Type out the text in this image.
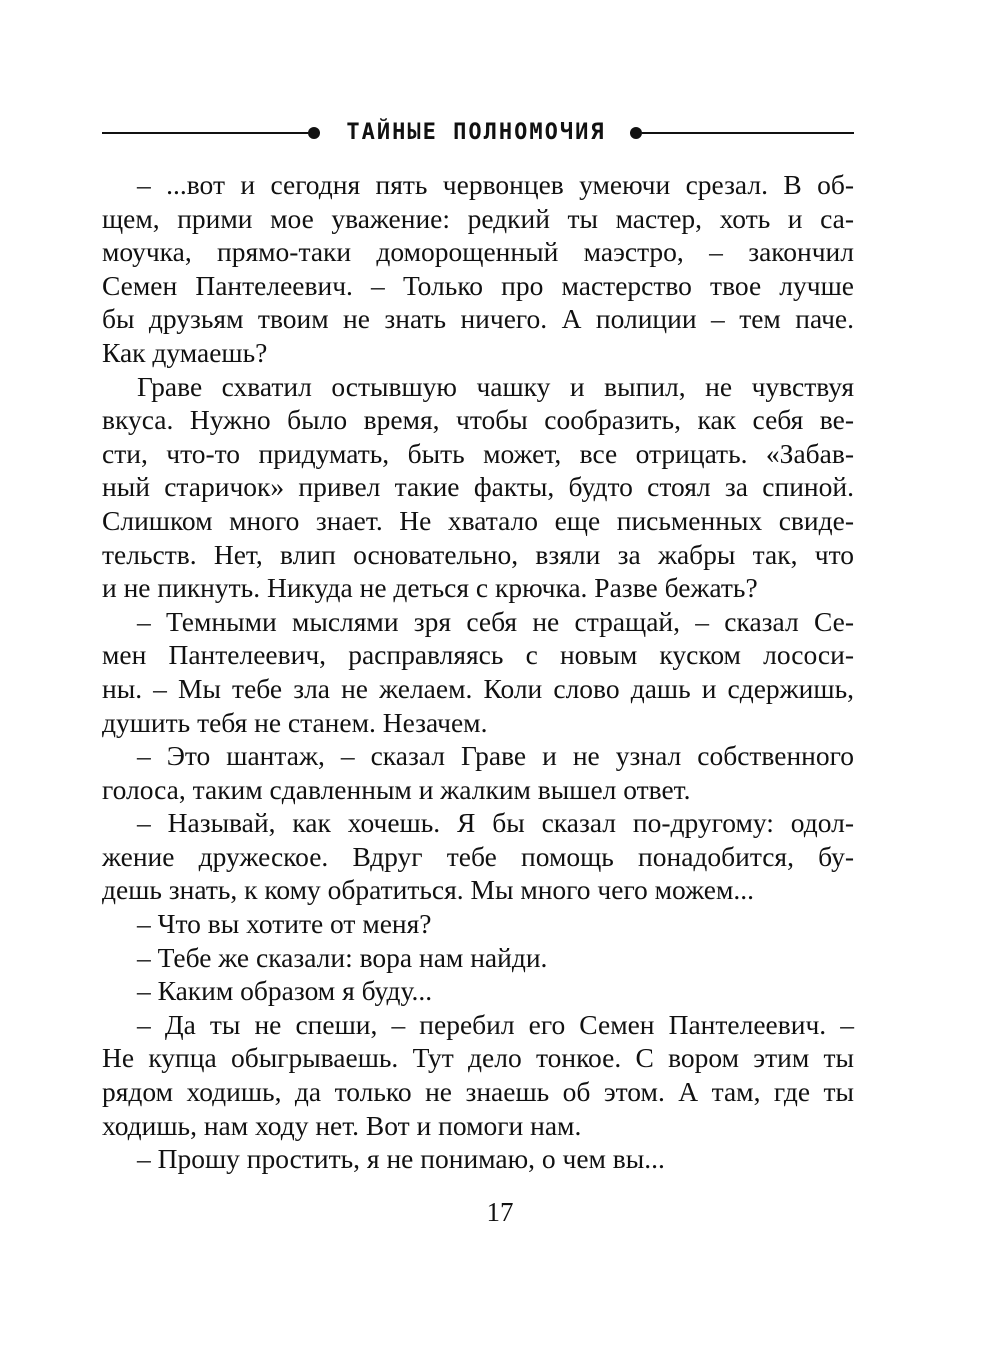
ТАЙНЫЕ ПОЛНОМОЧИЯ
– ...вот и сегодня пять червонцев умеючи срезал. В об-
щем, прими мое уважение: редкий ты мастер, хоть и са-
моучка, прямо-таки доморощенный маэстро, – закончил
Семен Пантелеевич. – Только про мастерство твое лучше
бы друзьям твоим не знать ничего. А полиции – тем паче.
Как думаешь?
Граве схватил остывшую чашку и выпил, не чувствуя
вкуса. Нужно было время, чтобы сообразить, как себя ве-
сти, что-то придумать, быть может, все отрицать. «Забав-
ный старичок» привел такие факты, будто стоял за спиной.
Слишком много знает. Не хватало еще письменных свиде-
тельств. Нет, влип основательно, взяли за жабры так, что
и не пикнуть. Никуда не деться с крючка. Разве бежать?
– Темными мыслями зря себя не стращай, – сказал Се-
мен Пантелеевич, расправляясь с новым куском лососи-
ны. – Мы тебе зла не желаем. Коли слово дашь и сдержишь,
душить тебя не станем. Незачем.
– Это шантаж, – сказал Граве и не узнал собственного
голоса, таким сдавленным и жалким вышел ответ.
– Называй, как хочешь. Я бы сказал по-другому: одол-
жение дружеское. Вдруг тебе помощь понадобится, бу-
дешь знать, к кому обратиться. Мы много чего можем...
– Что вы хотите от меня?
– Тебе же сказали: вора нам найди.
– Каким образом я буду...
– Да ты не спеши, – перебил его Семен Пантелеевич. –
Не купца обыгрываешь. Тут дело тонкое. С вором этим ты
рядом ходишь, да только не знаешь об этом. А там, где ты
ходишь, нам ходу нет. Вот и помоги нам.
– Прошу простить, я не понимаю, о чем вы...
17
